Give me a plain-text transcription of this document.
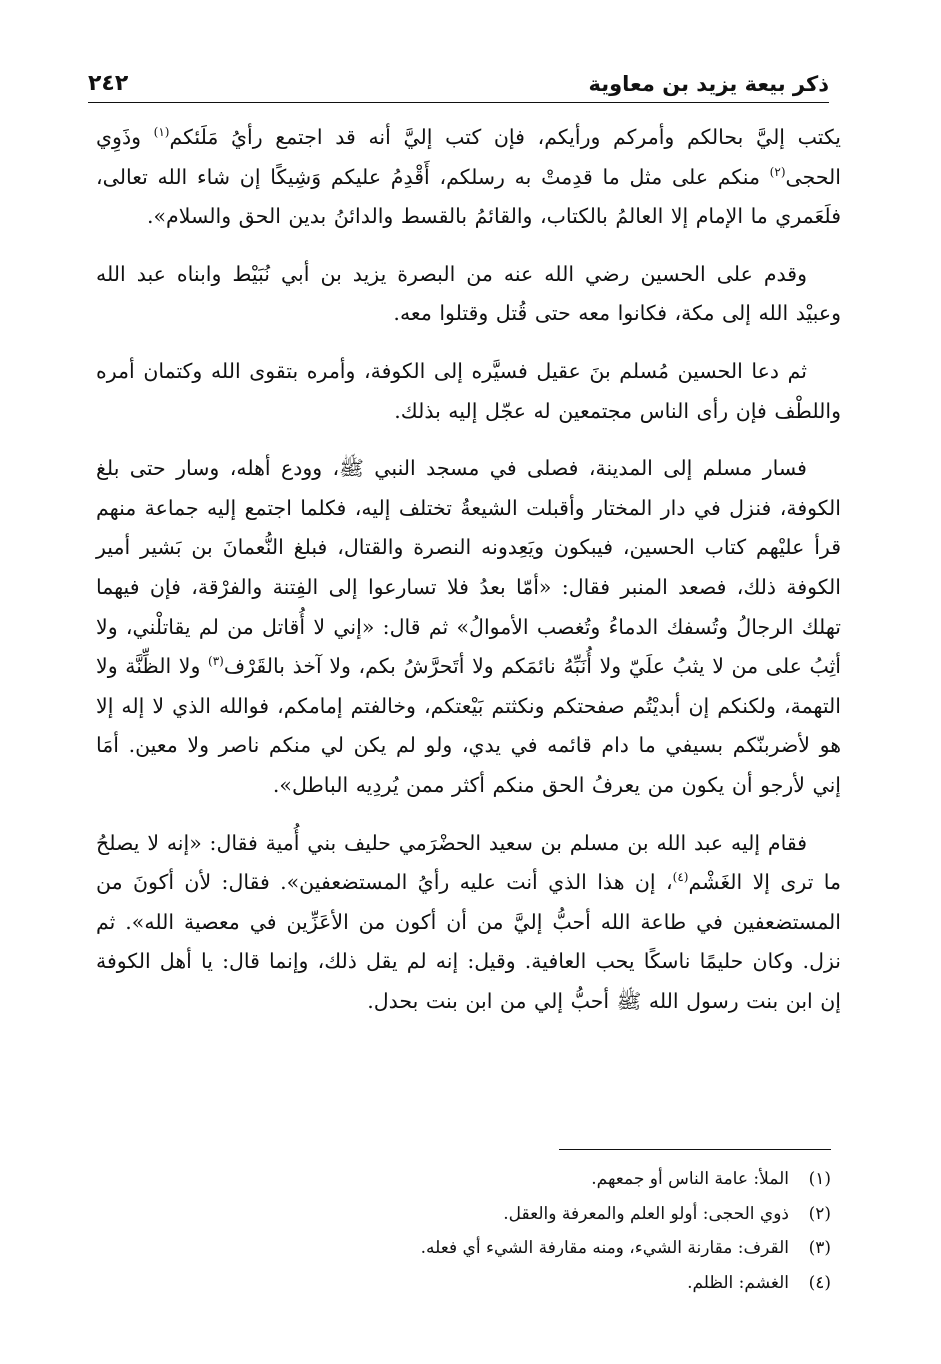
ذكر بيعة يزيد بن معاوية
٢٤٢

يكتب إليَّ بحالكم وأمركم ورأيكم، فإن كتب إليَّ أنه قد اجتمع رأيُ مَلَئكم$^{(١)}$ وذَوِي الحجى$^{(٢)}$ منكم على مثل ما قدِمتْ به رسلكم، أَقْدِمُ عليكم وَشِيكًا إن شاء الله تعالى، فلَعَمري ما الإمام إلا العالمُ بالكتاب، والقائمُ بالقسط والدائنُ بدين الحق والسلام».

وقدم على الحسين رضي الله عنه من البصرة يزيد بن أبي نُبَيْط وابناه عبد الله وعبيْد الله إلى مكة، فكانوا معه حتى قُتل وقتلوا معه.

ثم دعا الحسين مُسلم بنَ عقيل فسيَّره إلى الكوفة، وأمره بتقوى الله وكتمان أمره واللطْف فإن رأى الناس مجتمعين له عجّل إليه بذلك.

فسار مسلم إلى المدينة، فصلى في مسجد النبي ﷺ، وودع أهله، وسار حتى بلغ الكوفة، فنزل في دار المختار وأقبلت الشيعةُ تختلف إليه، فكلما اجتمع إليه جماعة منهم قرأ عليْهم كتاب الحسين، فيبكون ويَعِدونه النصرة والقتال، فبلغ النُّعمانَ بن بَشير أمير الكوفة ذلك، فصعد المنبر فقال: «أمّا بعدُ فلا تسارعوا إلى الفِتنة والفرْقة، فإن فيهما تهلك الرجالُ وتُسفك الدماءُ وتُغصب الأموالُ» ثم قال: «إني لا أُقاتل من لم يقاتلْني، ولا أثِبُ على من لا يثبُ علَيّ ولا أُنَبِّهُ نائمَكم ولا أتَحرَّشُ بكم، ولا آخذ بالقَرْف$^{(٣)}$ ولا الظِّنَّة ولا التهمة، ولكنكم إن أبديْتُم صفحتكم ونكثتم بَيْعتكم، وخالفتم إمامكم، فوالله الذي لا إله إلا هو لأضربنّكم بسيفي ما دام قائمه في يدي، ولو لم يكن لي منكم ناصر ولا معين. أمَا إني لأرجو أن يكون من يعرفُ الحق منكم أكثر ممن يُردِيه الباطل».

فقام إليه عبد الله بن مسلم بن سعيد الحضْرَمي حليف بني أُمية فقال: «إنه لا يصلحُ ما ترى إلا الغَشْم$^{(٤)}$، إن هذا الذي أنت عليه رأيُ المستضعفين». فقال: لأن أكونَ من المستضعفين في طاعة الله أحبُّ إليَّ من أن أكون من الأعَزِّين في معصية الله». ثم نزل. وكان حليمًا ناسكًا يحب العافية. وقيل: إنه لم يقل ذلك، وإنما قال: يا أهل الكوفة إن ابن بنت رسول الله ﷺ أحبُّ إلي من ابن بنت بحدل.

(١)
الملأ: عامة الناس أو جمعهم.
(٢)
ذوي الحجى: أولو العلم والمعرفة والعقل.
(٣)
القرف: مقارنة الشيء، ومنه مقارفة الشيء أي فعله.
(٤)
الغشم: الظلم.
